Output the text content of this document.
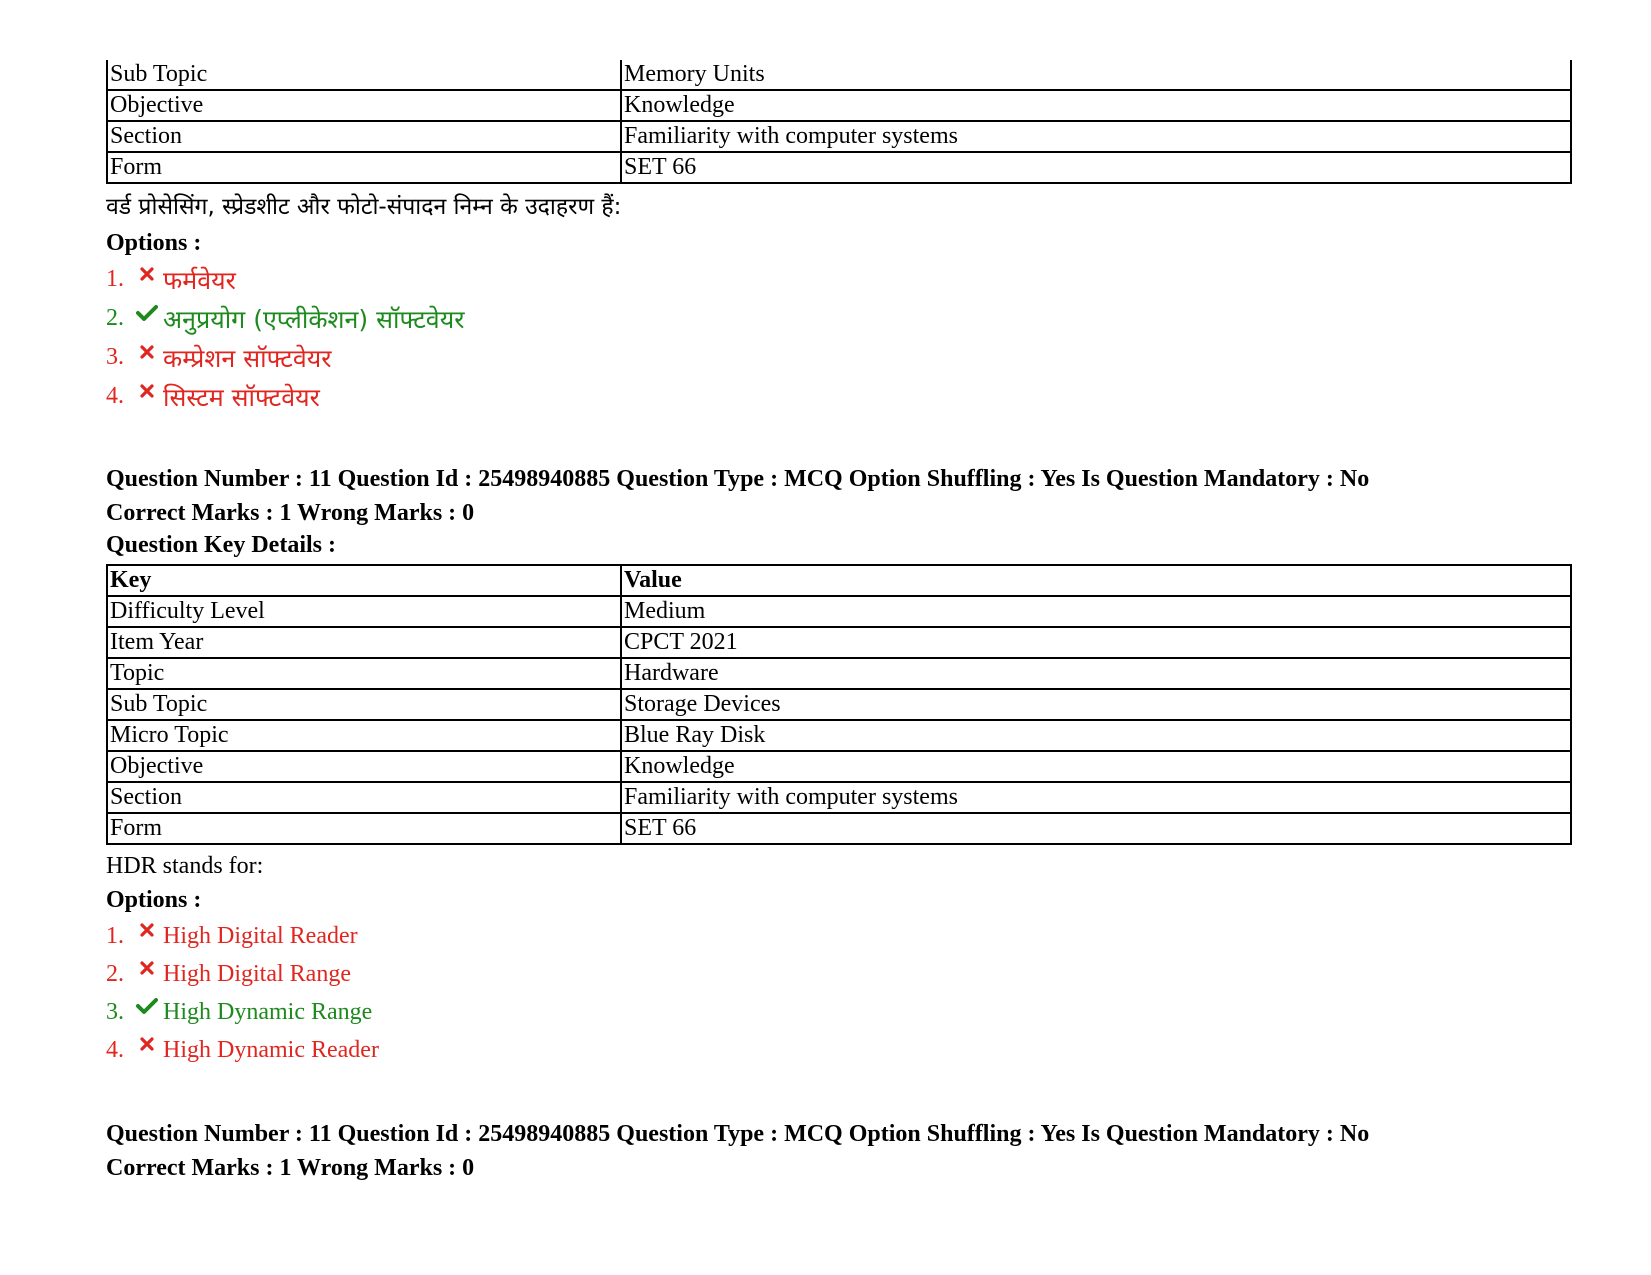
Sub Topic	Memory Units
Objective	Knowledge
Section	Familiarity with computer systems
Form	SET 66
वर्ड प्रोसेसिंग, स्प्रेडशीट और फोटो-संपादन निम्न के उदाहरण हैं:
Options :
1.	फर्मवेयर
2.	अनुप्रयोग (एप्लीकेशन) सॉफ्टवेयर
3.	कम्प्रेशन सॉफ्टवेयर
4.	सिस्टम सॉफ्टवेयर
Question Number : 11 Question Id : 25498940885 Question Type : MCQ Option Shuffling : Yes Is Question Mandatory : No
Correct Marks : 1 Wrong Marks : 0
Question Key Details :
Key	Value
Difficulty Level	Medium
Item Year	CPCT 2021
Topic	Hardware
Sub Topic	Storage Devices
Micro Topic	Blue Ray Disk
Objective	Knowledge
Section	Familiarity with computer systems
Form	SET 66
HDR stands for:
Options :
1.	High Digital Reader
2.	High Digital Range
3.	High Dynamic Range
4.	High Dynamic Reader
Question Number : 11 Question Id : 25498940885 Question Type : MCQ Option Shuffling : Yes Is Question Mandatory : No
Correct Marks : 1 Wrong Marks : 0
